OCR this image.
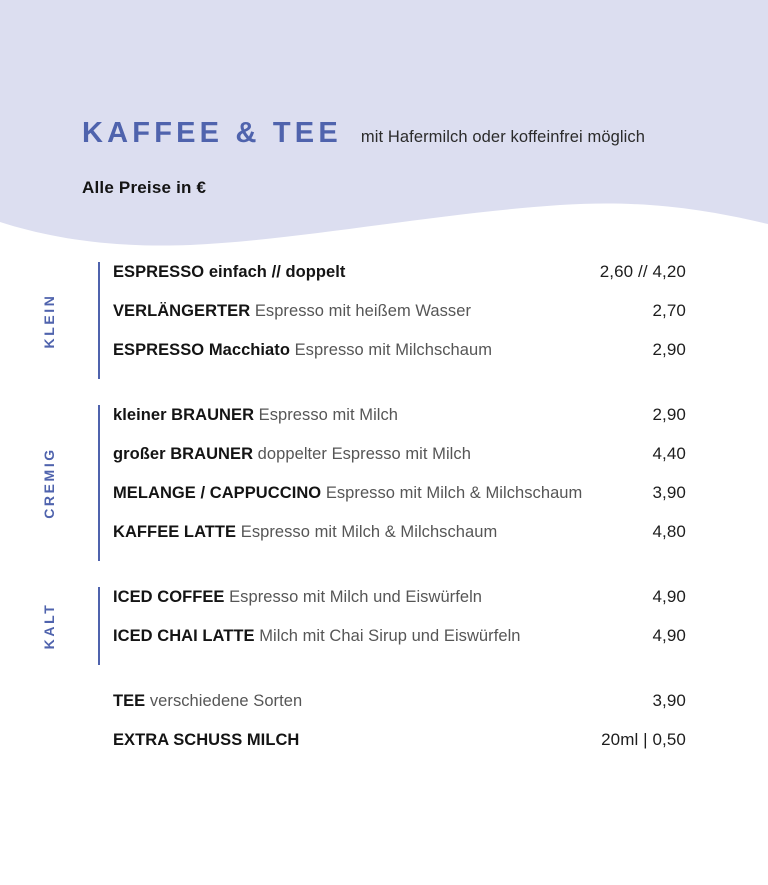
KAFFEE & TEE mit Hafermilch oder koffeinfrei möglich
Alle Preise in €
KLEIN
ESPRESSO einfach // doppelt	2,60 // 4,20
VERLÄNGERTER Espresso mit heißem Wasser	2,70
ESPRESSO Macchiato Espresso mit Milchschaum	2,90
CREMIG
kleiner BRAUNER Espresso mit Milch	2,90
großer BRAUNER doppelter Espresso mit Milch	4,40
MELANGE / CAPPUCCINO Espresso mit Milch & Milchschaum	3,90
KAFFEE LATTE Espresso mit Milch & Milchschaum	4,80
KALT
ICED COFFEE Espresso mit Milch und Eiswürfeln	4,90
ICED CHAI LATTE Milch mit Chai Sirup und Eiswürfeln	4,90
TEE verschiedene Sorten	3,90
EXTRA SCHUSS MILCH	20ml | 0,50
